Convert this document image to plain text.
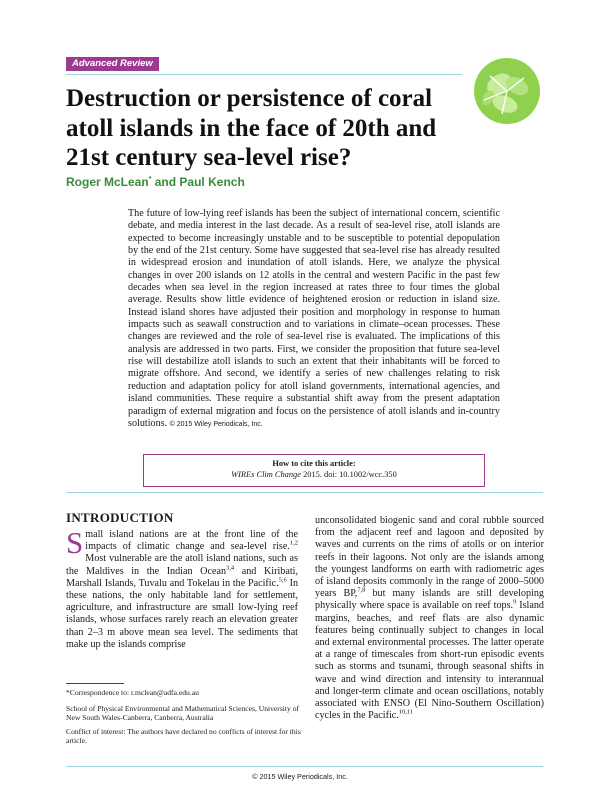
Advanced Review
Destruction or persistence of coral atoll islands in the face of 20th and 21st century sea-level rise?
Roger McLean* and Paul Kench
The future of low-lying reef islands has been the subject of international concern, scientific debate, and media interest in the last decade. As a result of sea-level rise, atoll islands are expected to become increasingly unstable and to be susceptible to potential depopulation by the end of the 21st century. Some have suggested that sea-level rise has already resulted in widespread erosion and inundation of atoll islands. Here, we analyze the physical changes in over 200 islands on 12 atolls in the central and western Pacific in the past few decades when sea level in the region increased at rates three to four times the global average. Results show little evidence of heightened erosion or reduction in island size. Instead island shores have adjusted their position and morphology in response to human impacts such as seawall construction and to variations in climate–ocean processes. These changes are reviewed and the role of sea-level rise is evaluated. The implications of this analysis are addressed in two parts. First, we consider the proposition that future sea-level rise will destabilize atoll islands to such an extent that their inhabitants will be forced to migrate offshore. And second, we identify a series of new challenges relating to risk reduction and adaptation policy for atoll island governments, international agencies, and island communities. These require a substantial shift away from the present adaptation paradigm of external migration and focus on the persistence of atoll islands and in-country solutions. © 2015 Wiley Periodicals, Inc.
How to cite this article:
WIREs Clim Change 2015. doi: 10.1002/wcc.350
INTRODUCTION
Small island nations are at the front line of the impacts of climatic change and sea-level rise.$^{1,2}$ Most vulnerable are the atoll island nations, such as the Maldives in the Indian Ocean$^{3,4}$ and Kiribati, Marshall Islands, Tuvalu and Tokelau in the Pacific.$^{5,6}$ In these nations, the only habitable land for settlement, agriculture, and infrastructure are small low-lying reef islands, whose surfaces rarely reach an elevation greater than 2–3 m above mean sea level. The sediments that make up the islands comprise
*Correspondence to: r.mclean@adfa.edu.au
School of Physical Environmental and Mathematical Sciences, University of New South Wales-Canberra, Canberra, Australia
Conflict of interest: The authors have declared no conflicts of interest for this article.
unconsolidated biogenic sand and coral rubble sourced from the adjacent reef and lagoon and deposited by waves and currents on the rims of atolls or on interior reefs in their lagoons. Not only are the islands among the youngest landforms on earth with radiometric ages of island deposits commonly in the range of 2000–5000 years BP,$^{7,8}$ but many islands are still developing physically where space is available on reef tops.$^9$ Island margins, beaches, and reef flats are also dynamic features being continually subject to changes in local and external environmental processes. The latter operate at a range of timescales from short-run episodic events such as storms and tsunami, through seasonal shifts in wave and wind direction and intensity to interannual and longer-term climate and ocean oscillations, notably associated with ENSO (El Nino-Southern Oscillation) cycles in the Pacific.$^{10,11}$
© 2015 Wiley Periodicals, Inc.
